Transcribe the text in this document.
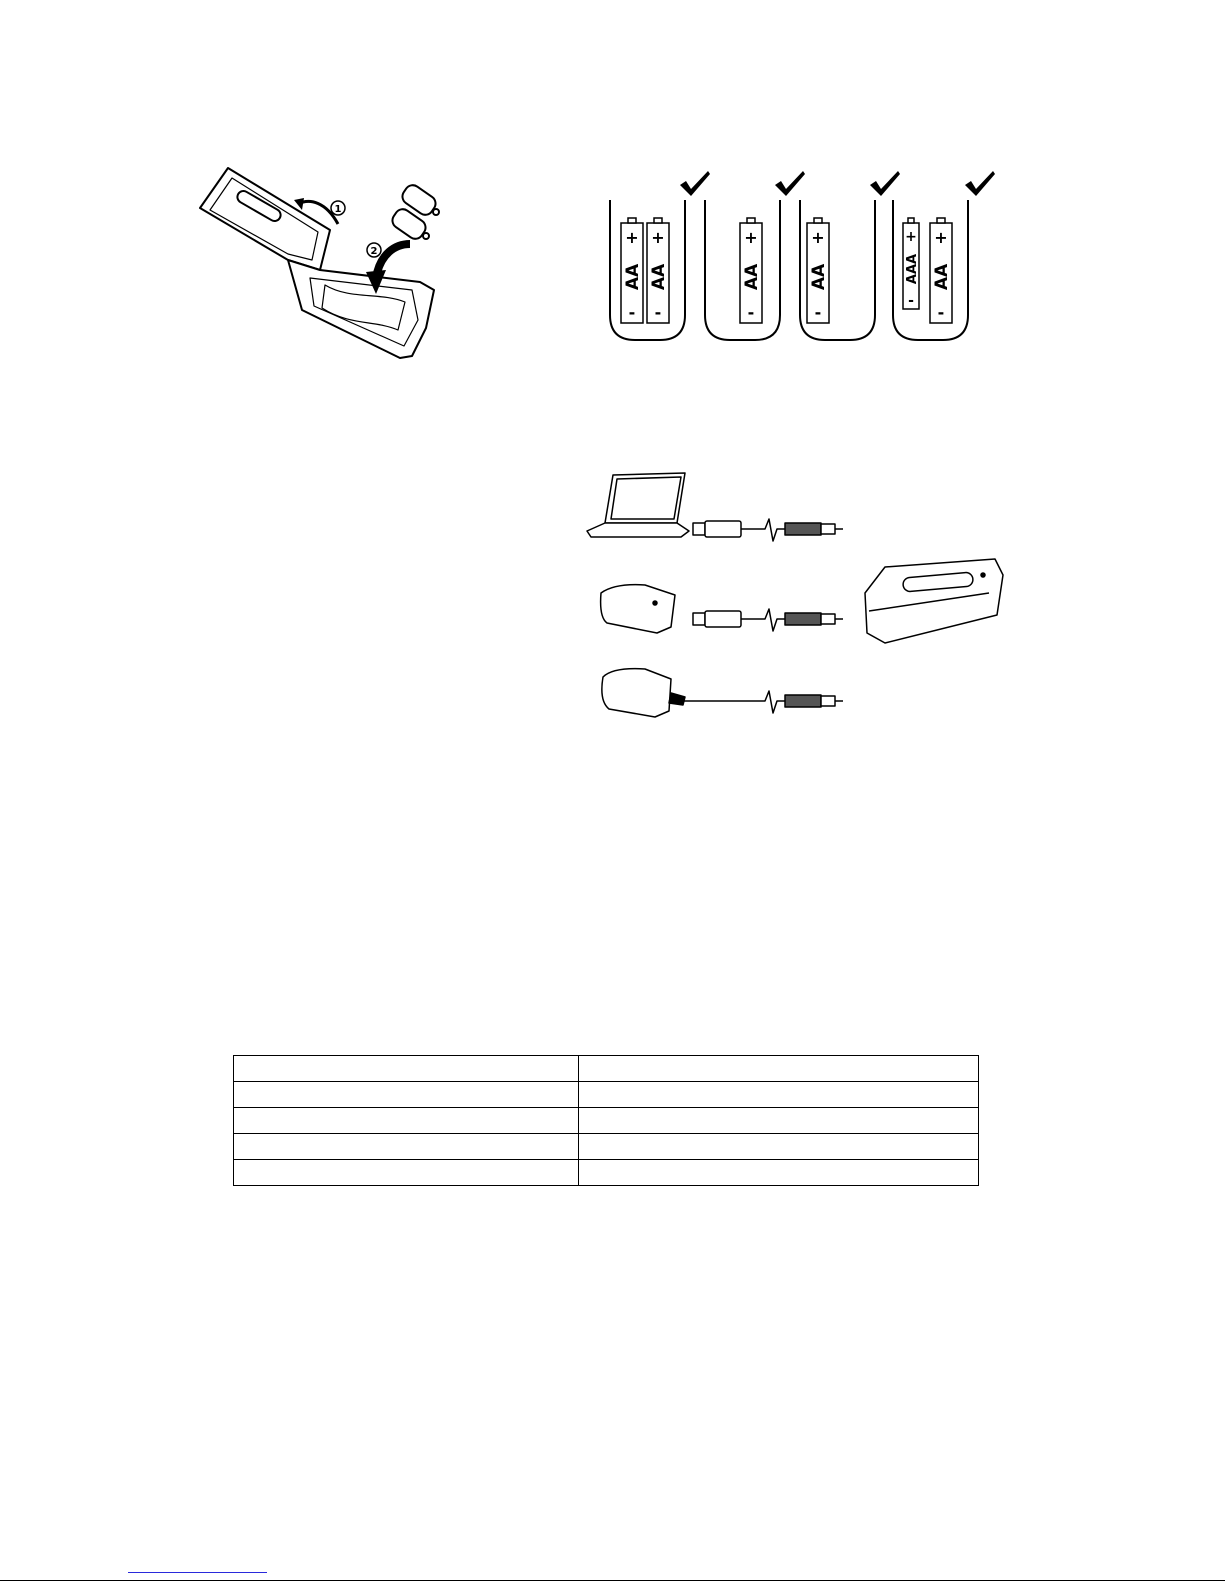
1
2
+ +	+	+	+ +
- -	-	-
-
-
AA AA	AA	AA	AAA AA
